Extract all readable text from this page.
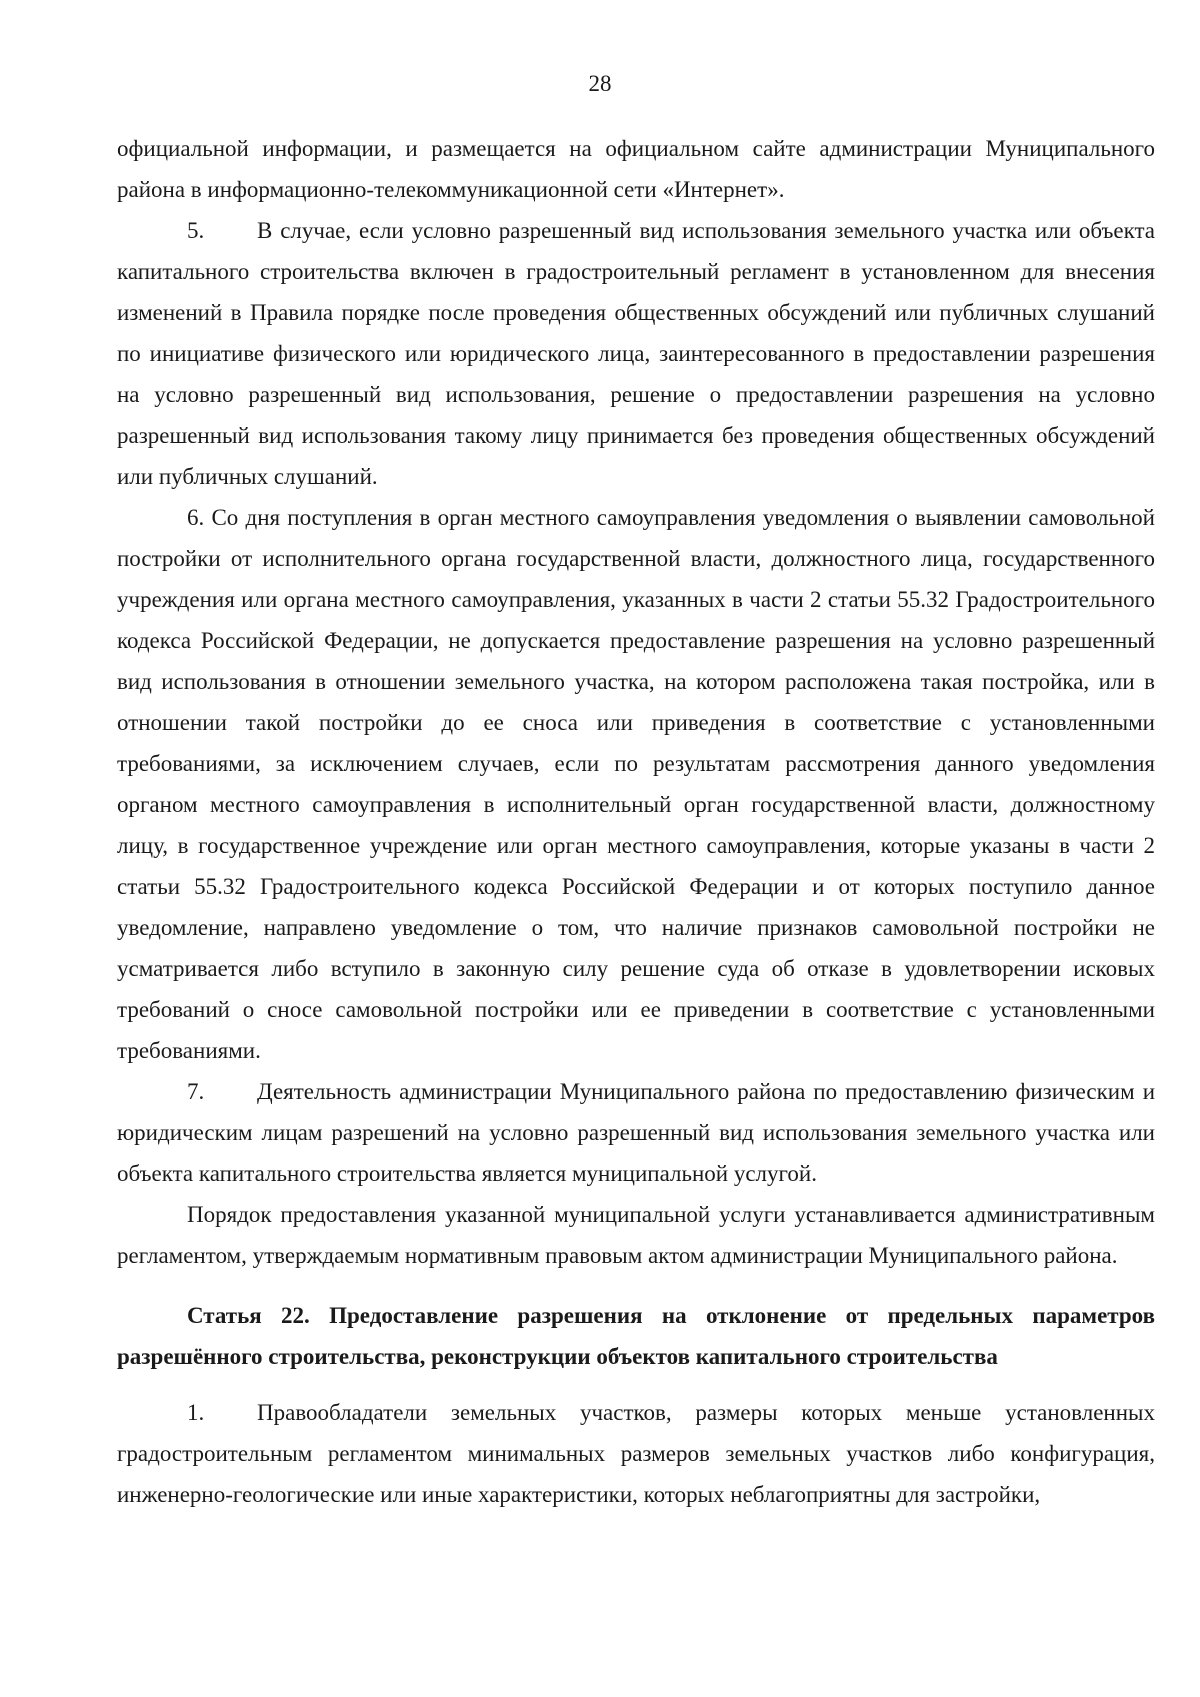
28

официальной информации, и размещается на официальном сайте администрации Муниципального района в информационно-телекоммуникационной сети «Интернет».

5. В случае, если условно разрешенный вид использования земельного участка или объекта капитального строительства включен в градостроительный регламент в установленном для внесения изменений в Правила порядке после проведения общественных обсуждений или публичных слушаний по инициативе физического или юридического лица, заинтересованного в предоставлении разрешения на условно разрешенный вид использования, решение о предоставлении разрешения на условно разрешенный вид использования такому лицу принимается без проведения общественных обсуждений или публичных слушаний.

6. Со дня поступления в орган местного самоуправления уведомления о выявлении самовольной постройки от исполнительного органа государственной власти, должностного лица, государственного учреждения или органа местного самоуправления, указанных в части 2 статьи 55.32 Градостроительного кодекса Российской Федерации, не допускается предоставление разрешения на условно разрешенный вид использования в отношении земельного участка, на котором расположена такая постройка, или в отношении такой постройки до ее сноса или приведения в соответствие с установленными требованиями, за исключением случаев, если по результатам рассмотрения данного уведомления органом местного самоуправления в исполнительный орган государственной власти, должностному лицу, в государственное учреждение или орган местного самоуправления, которые указаны в части 2 статьи 55.32 Градостроительного кодекса Российской Федерации и от которых поступило данное уведомление, направлено уведомление о том, что наличие признаков самовольной постройки не усматривается либо вступило в законную силу решение суда об отказе в удовлетворении исковых требований о сносе самовольной постройки или ее приведении в соответствие с установленными требованиями.

7. Деятельность администрации Муниципального района по предоставлению физическим и юридическим лицам разрешений на условно разрешенный вид использования земельного участка или объекта капитального строительства является муниципальной услугой.

Порядок предоставления указанной муниципальной услуги устанавливается административным регламентом, утверждаемым нормативным правовым актом администрации Муниципального района.

Статья 22. Предоставление разрешения на отклонение от предельных параметров разрешённого строительства, реконструкции объектов капитального строительства

1. Правообладатели земельных участков, размеры которых меньше установленных градостроительным регламентом минимальных размеров земельных участков либо конфигурация, инженерно-геологические или иные характеристики, которых неблагоприятны для застройки,
